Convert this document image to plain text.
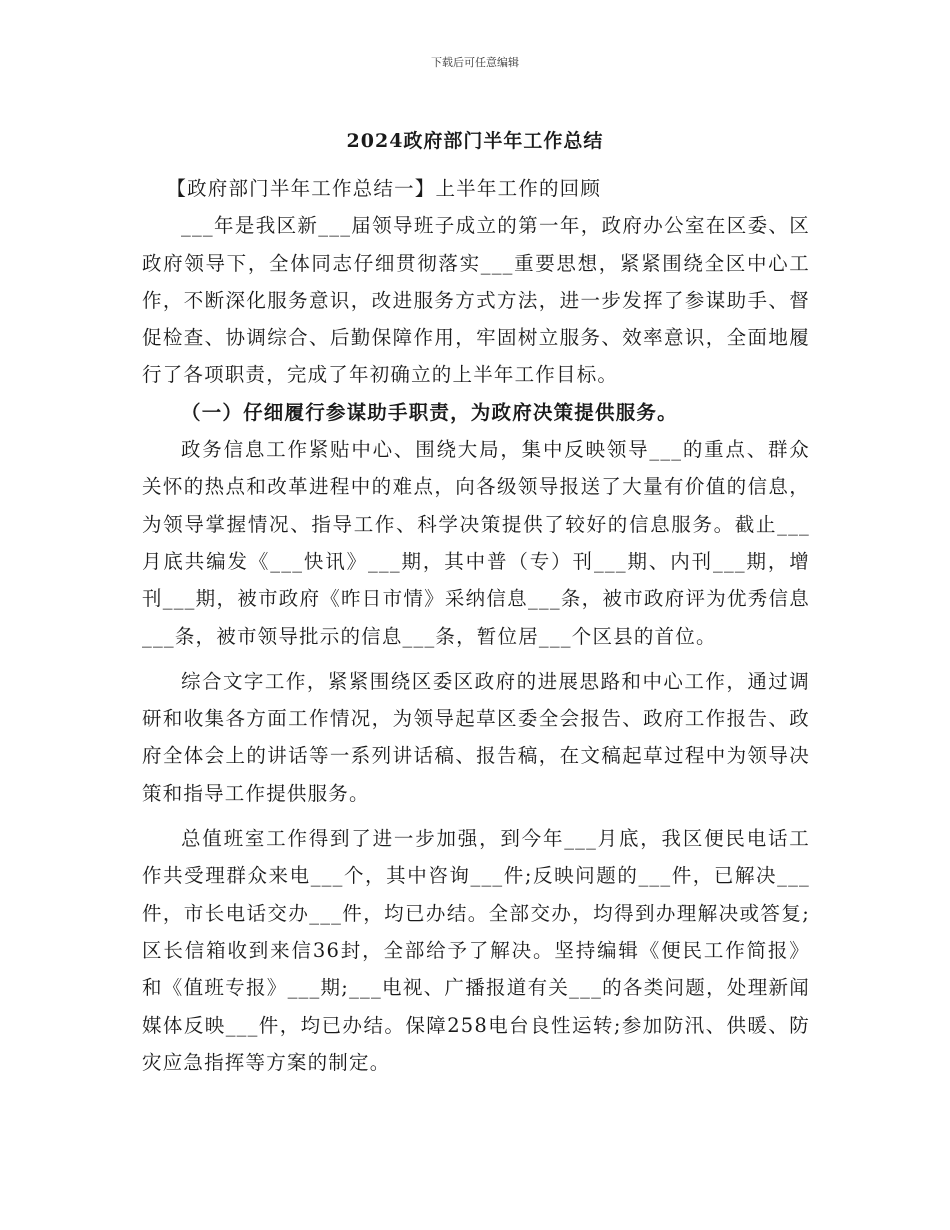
下载后可任意编辑
2024政府部门半年工作总结

【政府部门半年工作总结一】上半年工作的回顾

___年是我区新___届领导班子成立的第一年，政府办公室在区委、区政府领导下，全体同志仔细贯彻落实___重要思想，紧紧围绕全区中心工作，不断深化服务意识，改进服务方式方法，进一步发挥了参谋助手、督促检查、协调综合、后勤保障作用，牢固树立服务、效率意识，全面地履行了各项职责，完成了年初确立的上半年工作目标。

（一）仔细履行参谋助手职责，为政府决策提供服务。

政务信息工作紧贴中心、围绕大局，集中反映领导___的重点、群众关怀的热点和改革进程中的难点，向各级领导报送了大量有价值的信息，为领导掌握情况、指导工作、科学决策提供了较好的信息服务。截止___月底共编发《___快讯》___期，其中普（专）刊___期、内刊___期，增刊___期，被市政府《昨日市情》采纳信息___条，被市政府评为优秀信息___条，被市领导批示的信息___条，暂位居___个区县的首位。

综合文字工作，紧紧围绕区委区政府的进展思路和中心工作，通过调研和收集各方面工作情况，为领导起草区委全会报告、政府工作报告、政府全体会上的讲话等一系列讲话稿、报告稿，在文稿起草过程中为领导决策和指导工作提供服务。

总值班室工作得到了进一步加强，到今年___月底，我区便民电话工作共受理群众来电___个，其中咨询___件;反映问题的___件，已解决___件，市长电话交办___件，均已办结。全部交办，均得到办理解决或答复;区长信箱收到来信36封，全部给予了解决。坚持编辑《便民工作简报》和《值班专报》___期;___电视、广播报道有关___的各类问题，处理新闻媒体反映___件，均已办结。保障258电台良性运转;参加防汛、供暖、防灾应急指挥等方案的制定。
